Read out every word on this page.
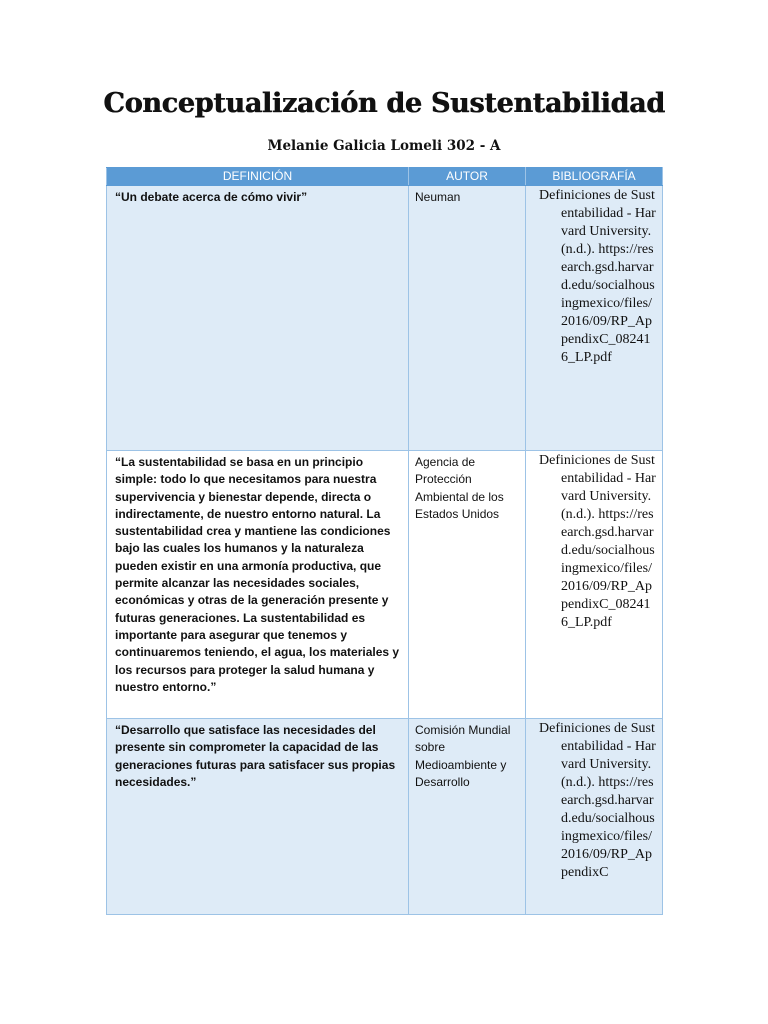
Conceptualización de Sustentabilidad

Melanie Galicia Lomeli 302 - A

DEFINICIÓN	AUTOR	BIBLIOGRAFÍA

“Un debate acerca de cómo vivir”	Neuman	Definiciones de Sustentabilidad - Harvard University. (n.d.). https://research.gsd.harvard.edu/socialhousingmexico/files/2016/09/RP_AppendixC_082416_LP.pdf

“La sustentabilidad se basa en un principio simple: todo lo que necesitamos para nuestra supervivencia y bienestar depende, directa o indirectamente, de nuestro entorno natural. La sustentabilidad crea y mantiene las condiciones bajo las cuales los humanos y la naturaleza pueden existir en una armonía productiva, que permite alcanzar las necesidades sociales, económicas y otras de la generación presente y futuras generaciones. La sustentabilidad es importante para asegurar que tenemos y continuaremos teniendo, el agua, los materiales y los recursos para proteger la salud humana y nuestro entorno.”	Agencia de Protección Ambiental de los Estados Unidos	Definiciones de Sustentabilidad - Harvard University. (n.d.). https://research.gsd.harvard.edu/socialhousingmexico/files/2016/09/RP_AppendixC_082416_LP.pdf

“Desarrollo que satisface las necesidades del presente sin comprometer la capacidad de las generaciones futuras para satisfacer sus propias necesidades.”	Comisión Mundial sobre Medioambiente y Desarrollo	Definiciones de Sustentabilidad - Harvard University. (n.d.). https://research.gsd.harvard.edu/socialhousingmexico/files/2016/09/RP_AppendixC
